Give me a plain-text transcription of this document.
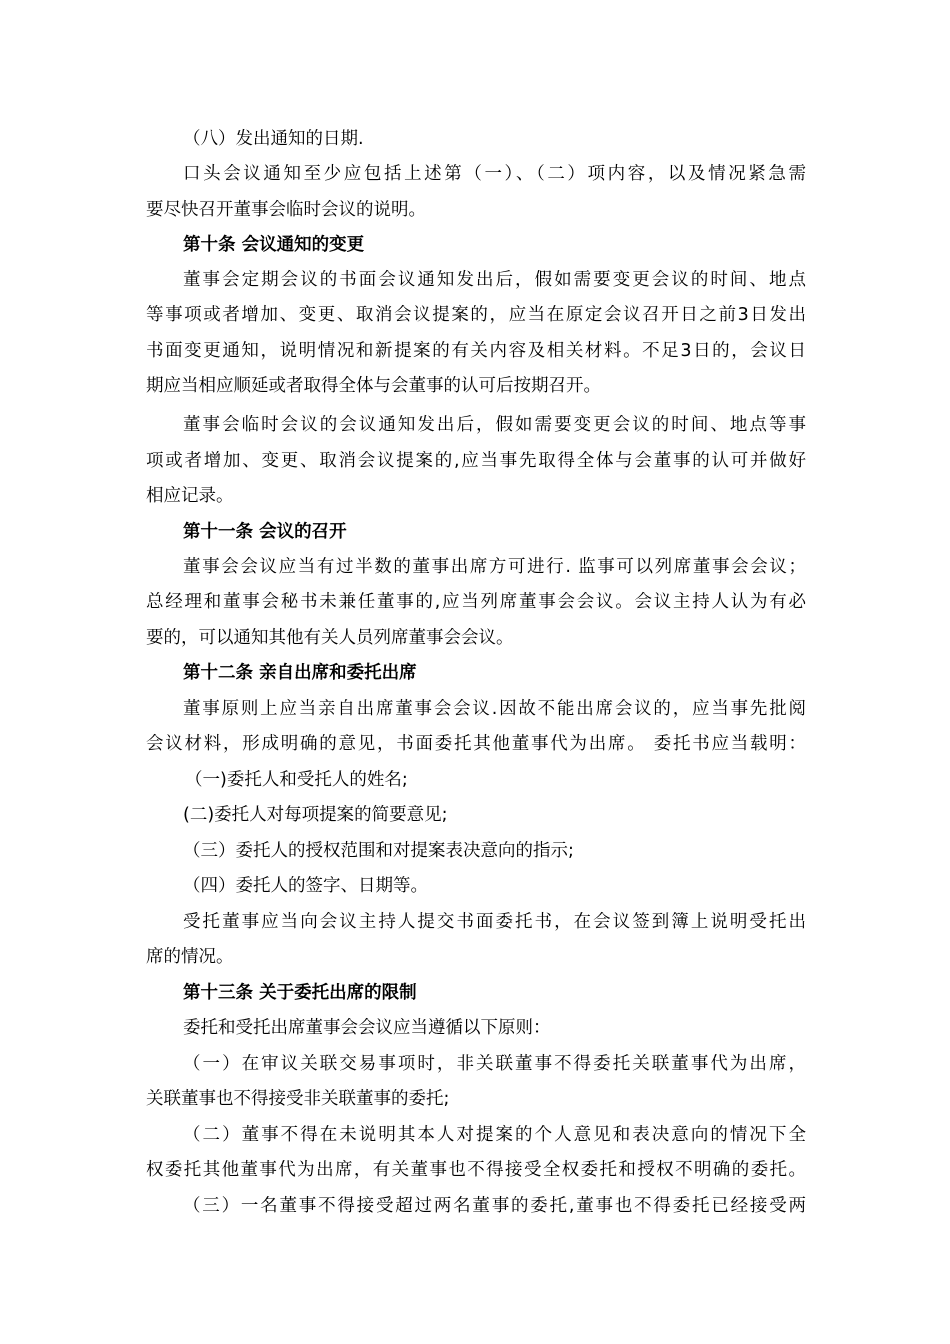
（八）发出通知的日期.
口头会议通知至少应包括上述第（一）、（二）项内容，以及情况紧急需
要尽快召开董事会临时会议的说明。
第十条 会议通知的变更
董事会定期会议的书面会议通知发出后，假如需要变更会议的时间、地点
等事项或者增加、变更、取消会议提案的，应当在原定会议召开日之前3日发出
书面变更通知，说明情况和新提案的有关内容及相关材料。不足3日的，会议日
期应当相应顺延或者取得全体与会董事的认可后按期召开。
董事会临时会议的会议通知发出后，假如需要变更会议的时间、地点等事
项或者增加、变更、取消会议提案的,应当事先取得全体与会董事的认可并做好
相应记录。
第十一条 会议的召开
董事会会议应当有过半数的董事出席方可进行. 监事可以列席董事会会议；
总经理和董事会秘书未兼任董事的,应当列席董事会会议。会议主持人认为有必
要的，可以通知其他有关人员列席董事会会议。
第十二条 亲自出席和委托出席
董事原则上应当亲自出席董事会会议.因故不能出席会议的，应当事先批阅
会议材料，形成明确的意见，书面委托其他董事代为出席。 委托书应当载明：
（一)委托人和受托人的姓名;
(二)委托人对每项提案的简要意见;
（三）委托人的授权范围和对提案表决意向的指示;
（四）委托人的签字、日期等。
受托董事应当向会议主持人提交书面委托书，在会议签到簿上说明受托出
席的情况。
第十三条 关于委托出席的限制
委托和受托出席董事会会议应当遵循以下原则：
（一）在审议关联交易事项时，非关联董事不得委托关联董事代为出席，
关联董事也不得接受非关联董事的委托;
（二）董事不得在未说明其本人对提案的个人意见和表决意向的情况下全
权委托其他董事代为出席，有关董事也不得接受全权委托和授权不明确的委托。
（三）一名董事不得接受超过两名董事的委托,董事也不得委托已经接受两
